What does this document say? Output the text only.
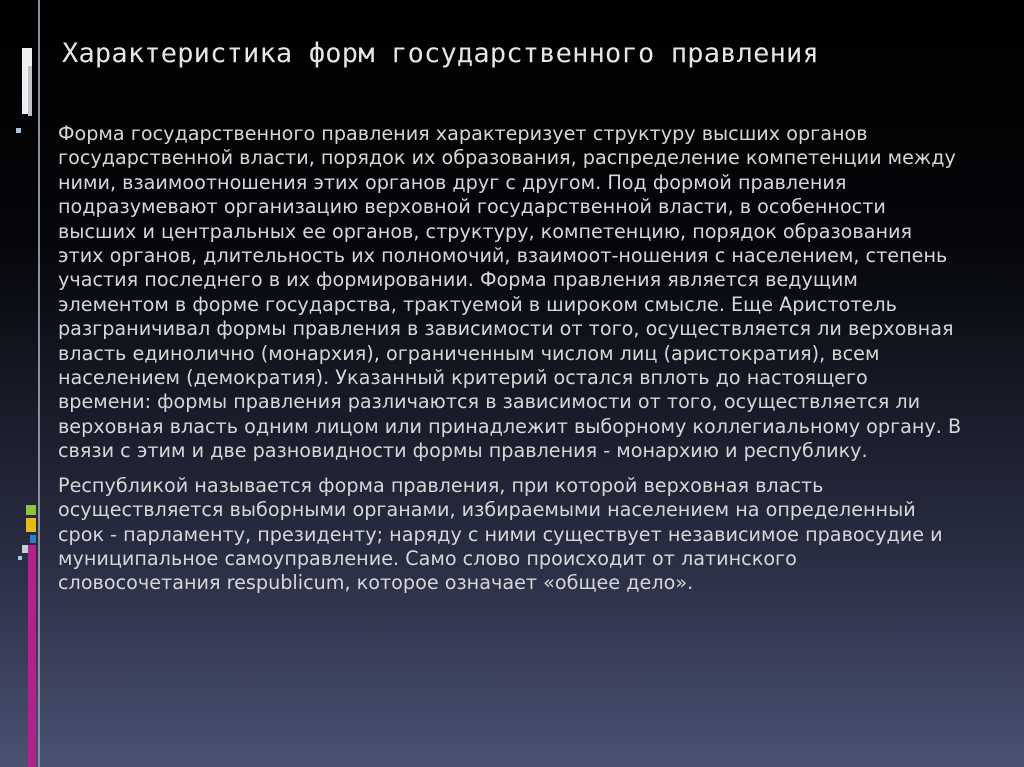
Характеристика форм государственного правления

Форма государственного правления характеризует структуру высших органов государственной власти, порядок их образования, распределение компетенции между ними, взаимоотношения этих органов друг с другом. Под формой правления подразумевают организацию верховной государственной власти, в особенности высших и центральных ее органов, структуру, компетенцию, порядок образования этих органов, длительность их полномочий, взаимоот-ношения с населением, степень участия последнего в их формировании. Форма правления является ведущим элементом в форме государства, трактуемой в широком смысле. Еще Аристотель разграничивал формы правления в зависимости от того, осуществляется ли верховная власть единолично (монархия), ограниченным числом лиц (аристократия), всем населением (демократия). Указанный критерий остался вплоть до настоящего времени: формы правления различаются в зависимости от того, осуществляется ли верховная власть одним лицом или принадлежит выборному коллегиальному органу. В связи с этим и две разновидности формы правления - монархию и республику.

Республикой называется форма правления, при которой верховная власть осуществляется выборными органами, избираемыми населением на определенный срок - парламенту, президенту; наряду с ними существует независимое правосудие и муниципальное самоуправление. Само слово происходит от латинского словосочетания respublicum, которое означает «общее дело».
